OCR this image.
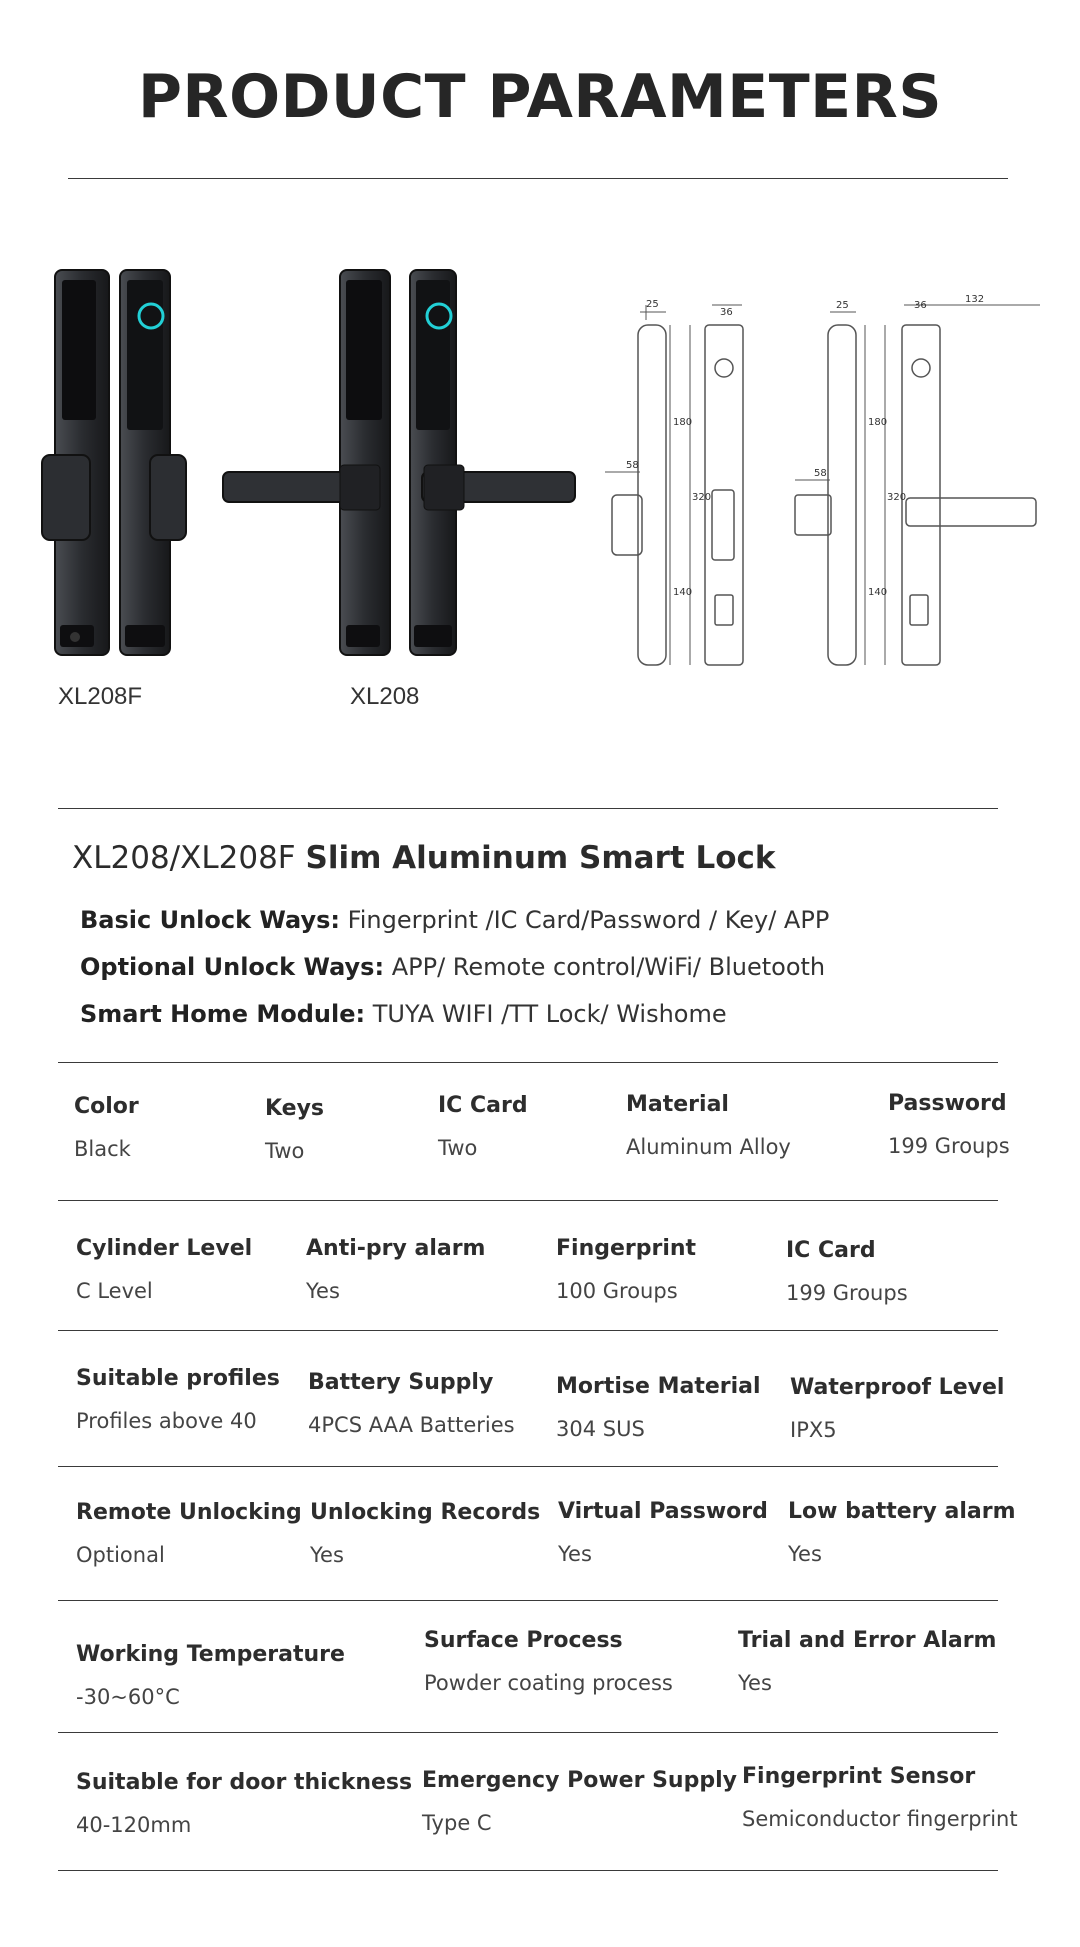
PRODUCT PARAMETERS
25
36
180
320
140
58
25	36
132
180
320
140
58
XL208F	XL208
XL208/XL208F Slim Aluminum Smart Lock
Basic Unlock Ways: Fingerprint /IC Card/Password / Key/ APP
Optional Unlock Ways: APP/ Remote control/WiFi/ Bluetooth
Smart Home Module: TUYA WIFI /TT Lock/ Wishome
Color
Black
Keys
Two
IC Card
Two
Material
Aluminum Alloy
Password
199 Groups
Cylinder Level
C Level
Anti-pry alarm
Yes
Fingerprint
100 Groups
IC Card
199 Groups
Suitable profiles
Profiles above 40
Battery Supply
4PCS AAA Batteries
Mortise Material
304 SUS
Waterproof Level
IPX5
Remote Unlocking
Optional
Unlocking Records
Yes
Virtual Password
Yes
Low battery alarm
Yes
Working Temperature
-30~60°C
Surface Process
Powder coating process
Trial and Error Alarm
Yes
Suitable for door thickness
40-120mm
Emergency Power Supply
Type C
Fingerprint Sensor
Semiconductor fingerprint
